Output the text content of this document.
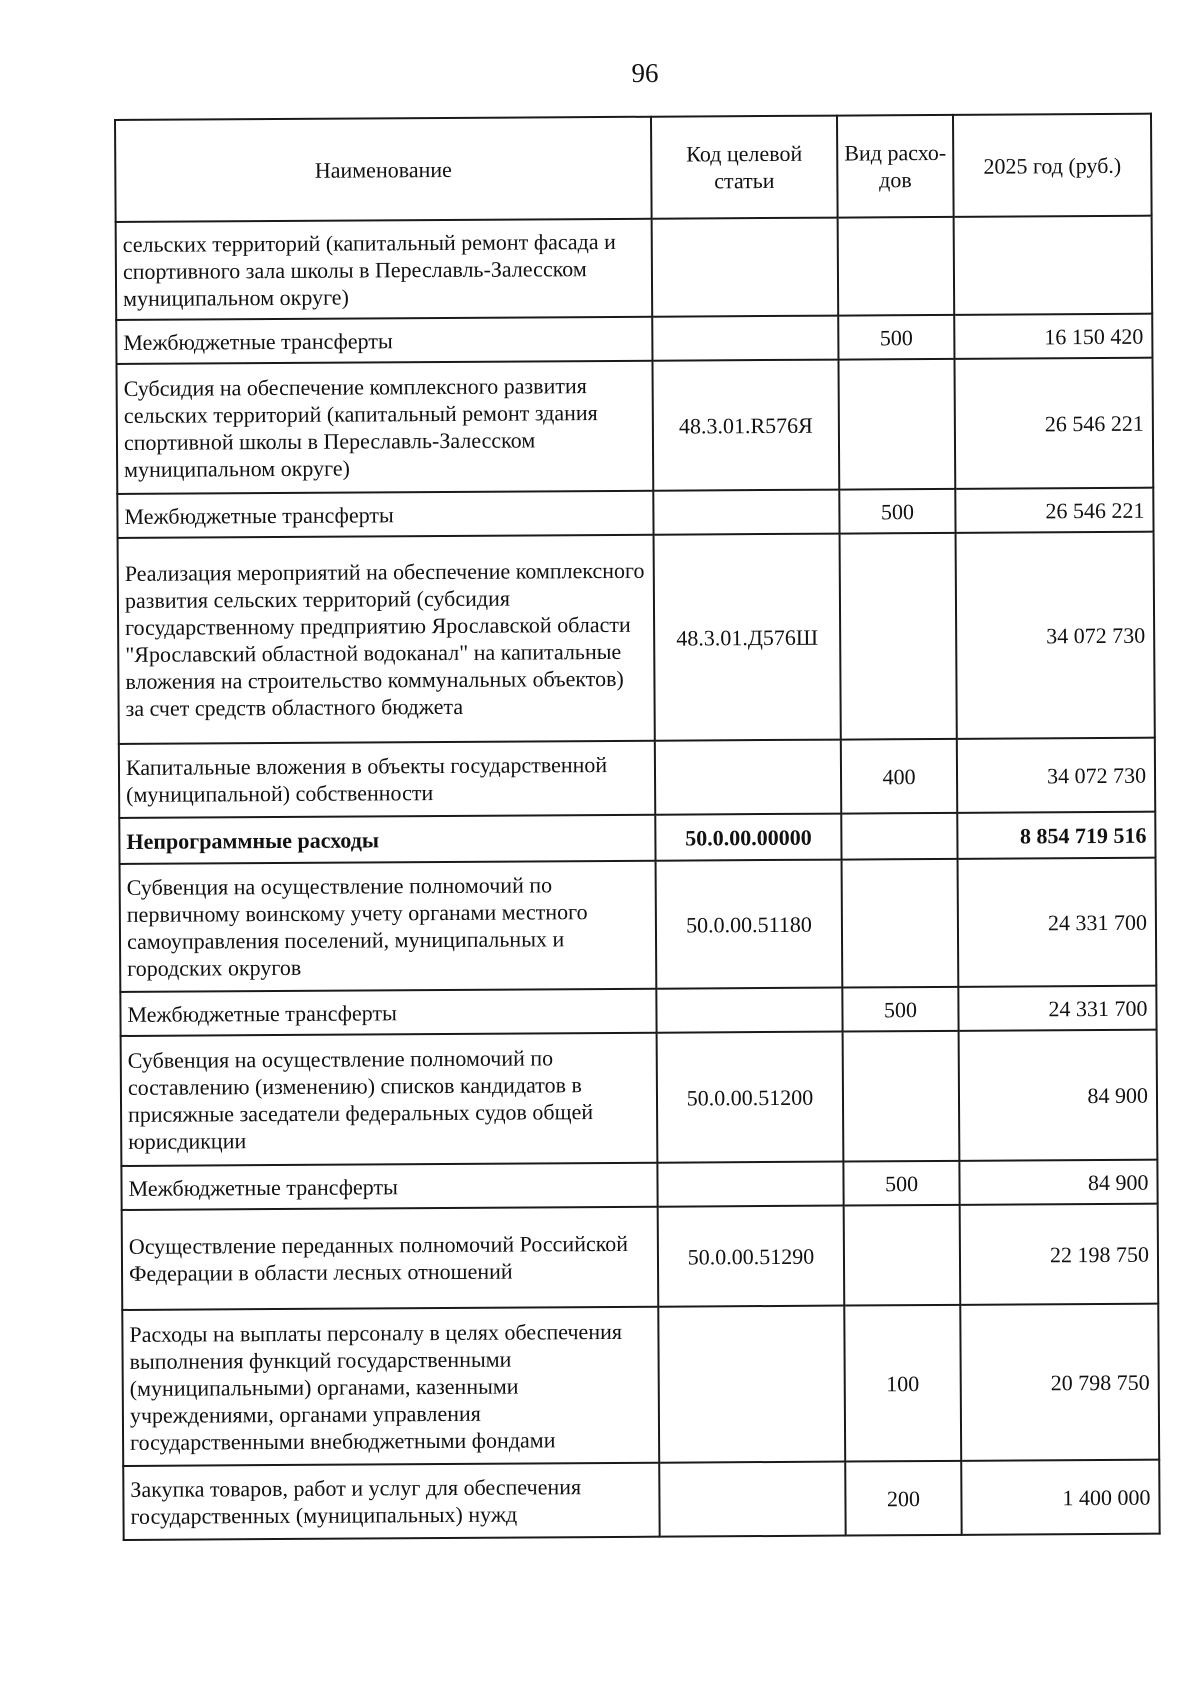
96
Наименование	Код целевой статьи	Вид расхо-дов	2025 год (руб.)
сельских территорий (капитальный ремонт фасада и спортивного зала школы в Переславль-Залесском муниципальном округе)			
Межбюджетные трансферты		500	16 150 420
Субсидия на обеспечение комплексного развития сельских территорий (капитальный ремонт здания спортивной школы в Переславль-Залесском муниципальном округе)	48.3.01.R576Я		26 546 221
Межбюджетные трансферты		500	26 546 221
Реализация мероприятий на обеспечение комплексного развития сельских территорий (субсидия государственному предприятию Ярославской области "Ярославский областной водоканал" на капитальные вложения на строительство коммунальных объектов) за счет средств областного бюджета	48.3.01.Д576Ш		34 072 730
Капитальные вложения в объекты государственной (муниципальной) собственности		400	34 072 730
Непрограммные расходы	50.0.00.00000		8 854 719 516
Субвенция на осуществление полномочий по первичному воинскому учету органами местного самоуправления поселений, муниципальных и городских округов	50.0.00.51180		24 331 700
Межбюджетные трансферты		500	24 331 700
Субвенция на осуществление полномочий по составлению (изменению) списков кандидатов в присяжные заседатели федеральных судов общей юрисдикции	50.0.00.51200		84 900
Межбюджетные трансферты		500	84 900
Осуществление переданных полномочий Российской Федерации в области лесных отношений	50.0.00.51290		22 198 750
Расходы на выплаты персоналу в целях обеспечения выполнения функций государственными (муниципальными) органами, казенными учреждениями, органами управления государственными внебюджетными фондами		100	20 798 750
Закупка товаров, работ и услуг для обеспечения государственных (муниципальных) нужд		200	1 400 000
